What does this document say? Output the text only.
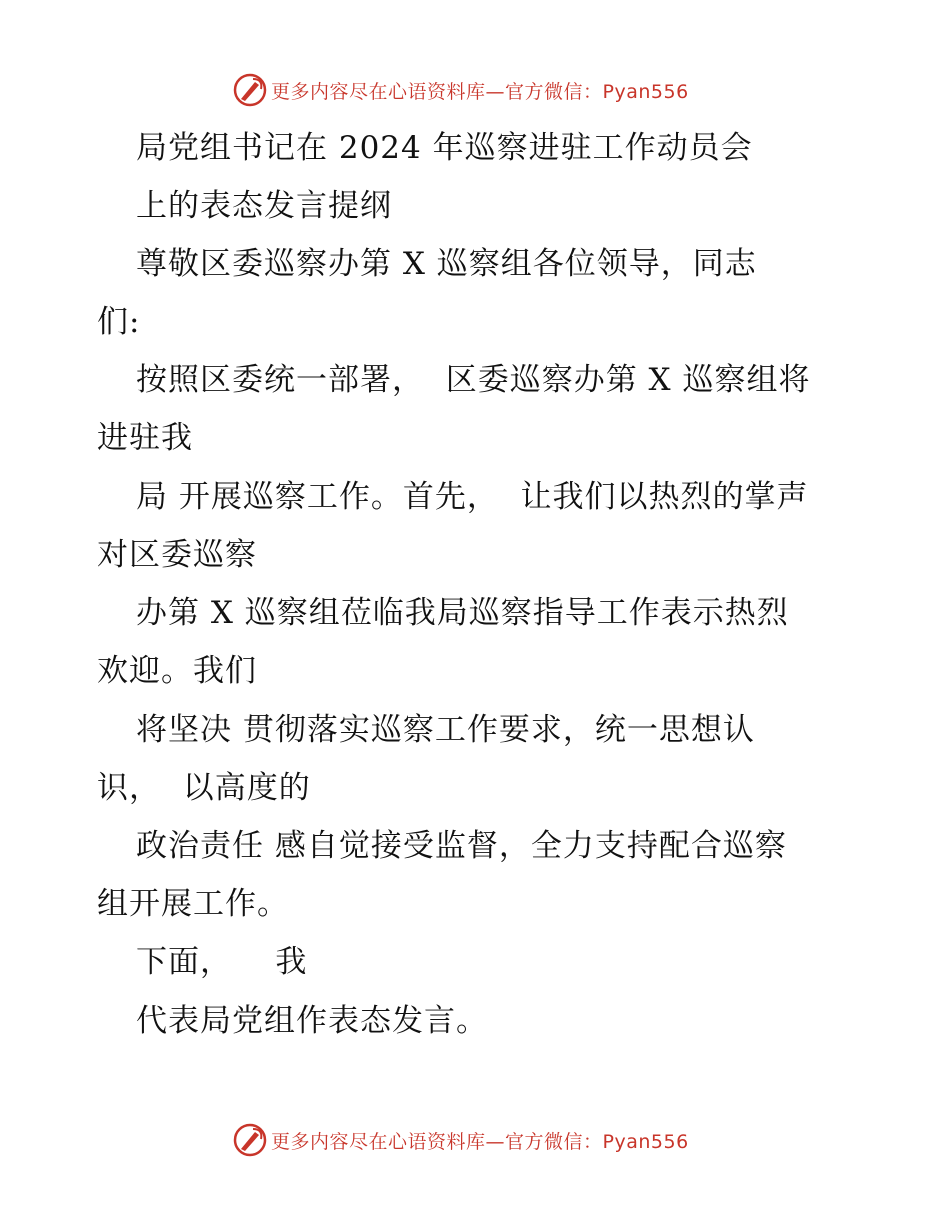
更多内容尽在心语资料库—官方微信：Pyan556
局党组书记在 2024 年巡察进驻工作动员会
上的表态发言提纲
尊敬区委巡察办第 X 巡察组各位领导，同志
们:
按照区委统一部署，  区委巡察办第 X 巡察组将
进驻我
局 开展巡察工作。首先，  让我们以热烈的掌声
对区委巡察
办第 X 巡察组莅临我局巡察指导工作表示热烈
欢迎。我们
将坚决 贯彻落实巡察工作要求，统一思想认
识，  以高度的
政治责任 感自觉接受监督，全力支持配合巡察
组开展工作。
下面，    我
代表局党组作表态发言。
更多内容尽在心语资料库—官方微信：Pyan556
